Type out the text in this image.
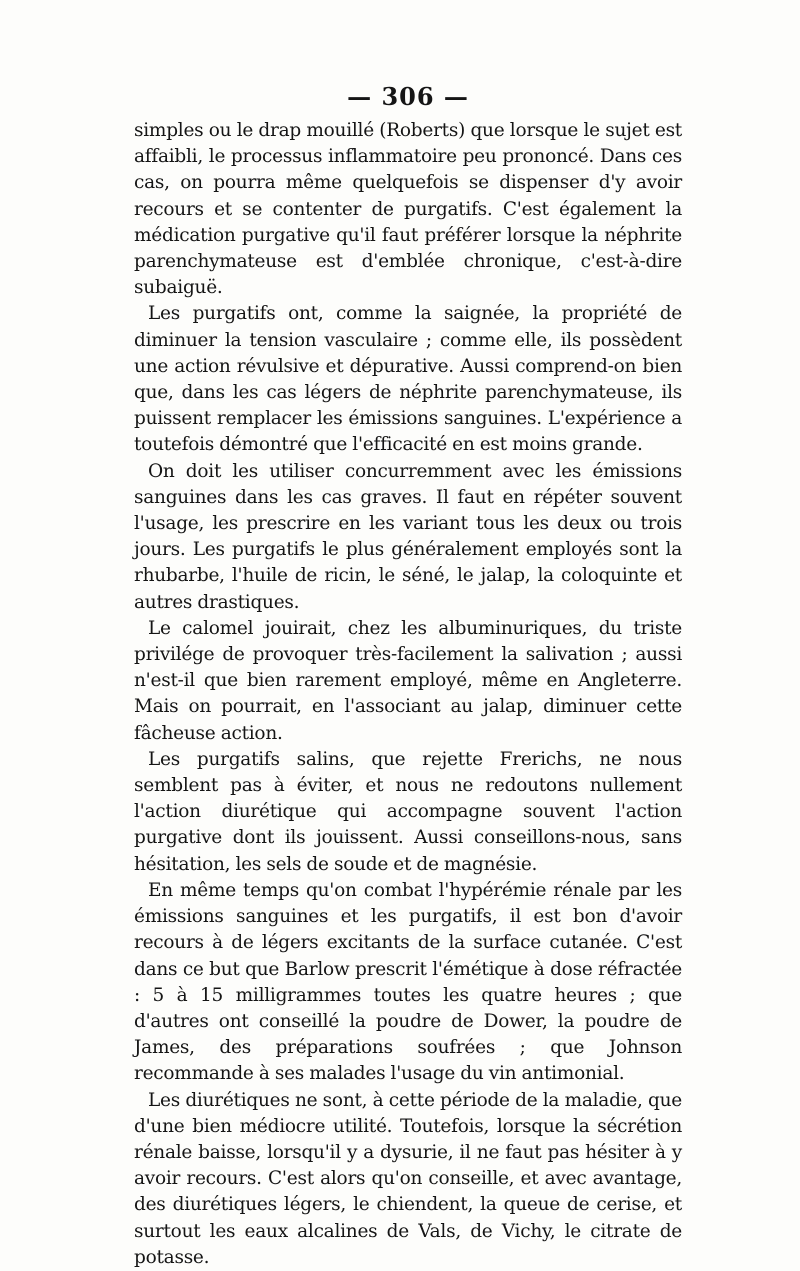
— 306 —

simples ou le drap mouillé (Roberts) que lorsque le sujet est affaibli, le processus inflammatoire peu prononcé. Dans ces cas, on pourra même quelquefois se dispenser d'y avoir recours et se contenter de purgatifs. C'est également la médication purgative qu'il faut préférer lorsque la néphrite parenchymateuse est d'emblée chronique, c'est-à-dire subaiguë.

Les purgatifs ont, comme la saignée, la propriété de diminuer la tension vasculaire ; comme elle, ils possèdent une action révulsive et dépurative. Aussi comprend-on bien que, dans les cas légers de néphrite parenchymateuse, ils puissent remplacer les émissions sanguines. L'expérience a toutefois démontré que l'efficacité en est moins grande.

On doit les utiliser concurremment avec les émissions sanguines dans les cas graves. Il faut en répéter souvent l'usage, les prescrire en les variant tous les deux ou trois jours. Les purgatifs le plus généralement employés sont la rhubarbe, l'huile de ricin, le séné, le jalap, la coloquinte et autres drastiques.

Le calomel jouirait, chez les albuminuriques, du triste privilége de provoquer très-facilement la salivation ; aussi n'est-il que bien rarement employé, même en Angleterre. Mais on pourrait, en l'associant au jalap, diminuer cette fâcheuse action.

Les purgatifs salins, que rejette Frerichs, ne nous semblent pas à éviter, et nous ne redoutons nullement l'action diurétique qui accompagne souvent l'action purgative dont ils jouissent. Aussi conseillons-nous, sans hésitation, les sels de soude et de magnésie.

En même temps qu'on combat l'hypérémie rénale par les émissions sanguines et les purgatifs, il est bon d'avoir recours à de légers excitants de la surface cutanée. C'est dans ce but que Barlow prescrit l'émétique à dose réfractée : 5 à 15 milligrammes toutes les quatre heures ; que d'autres ont conseillé la poudre de Dower, la poudre de James, des préparations soufrées ; que Johnson recommande à ses malades l'usage du vin antimonial.

Les diurétiques ne sont, à cette période de la maladie, que d'une bien médiocre utilité. Toutefois, lorsque la sécrétion rénale baisse, lorsqu'il y a dysurie, il ne faut pas hésiter à y avoir recours. C'est alors qu'on conseille, et avec avantage, des diurétiques légers, le chiendent, la queue de cerise, et surtout les eaux alcalines de Vals, de Vichy, le citrate de potasse.
